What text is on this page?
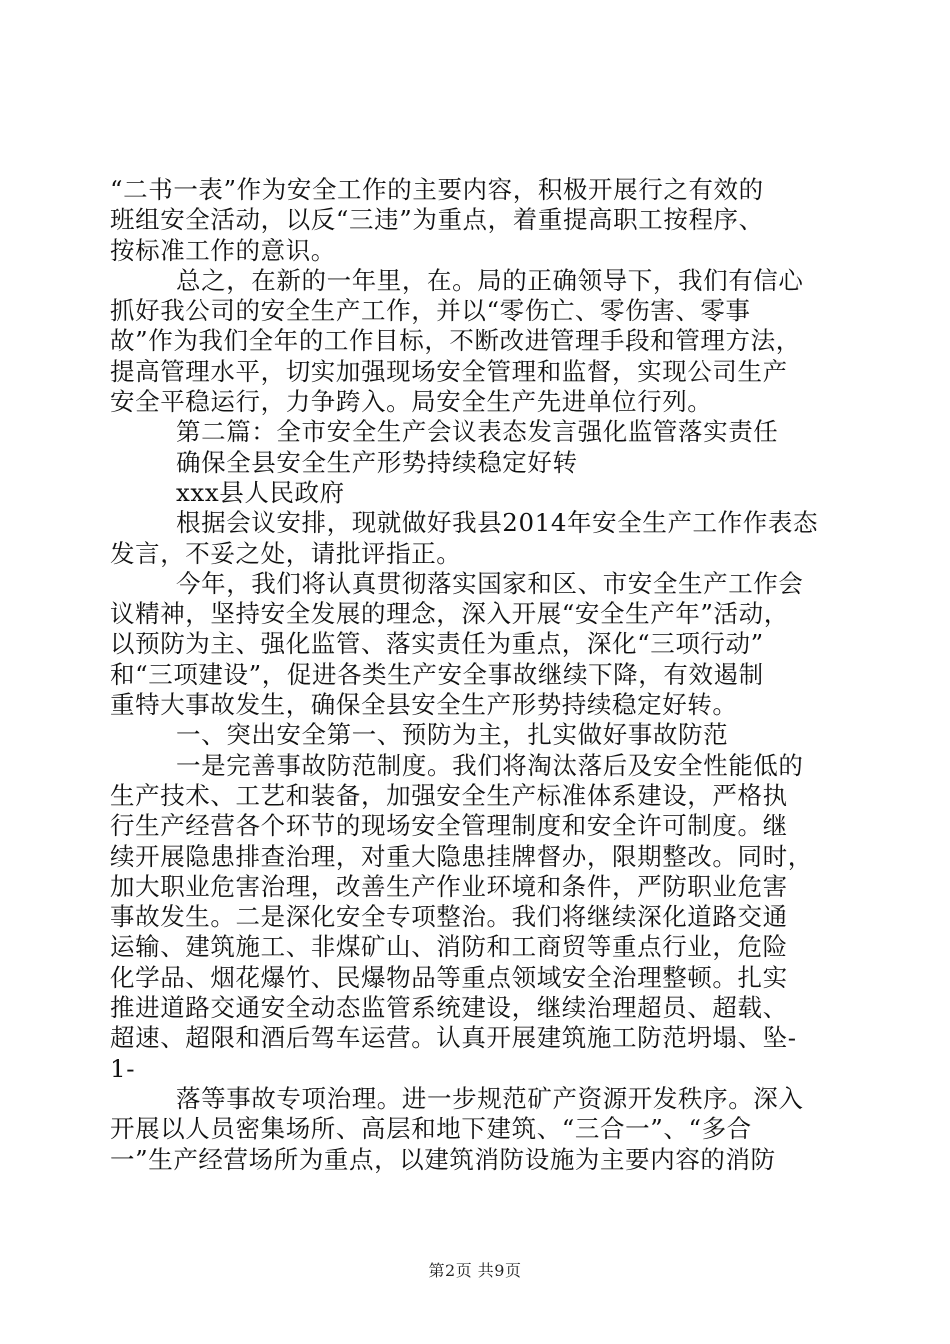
“二书一表”作为安全工作的主要内容，积极开展行之有效的
班组安全活动，以反“三违”为重点，着重提高职工按程序、
按标准工作的意识。
总之，在新的一年里，在。局的正确领导下，我们有信心
抓好我公司的安全生产工作，并以“零伤亡、零伤害、零事
故”作为我们全年的工作目标，不断改进管理手段和管理方法，
提高管理水平，切实加强现场安全管理和监督，实现公司生产
安全平稳运行，力争跨入。局安全生产先进单位行列。
第二篇：全市安全生产会议表态发言强化监管落实责任
确保全县安全生产形势持续稳定好转
xxx县人民政府
根据会议安排，现就做好我县2014年安全生产工作作表态
发言，不妥之处，请批评指正。
今年，我们将认真贯彻落实国家和区、市安全生产工作会
议精神，坚持安全发展的理念，深入开展“安全生产年”活动，
以预防为主、强化监管、落实责任为重点，深化“三项行动”
和“三项建设”，促进各类生产安全事故继续下降，有效遏制
重特大事故发生，确保全县安全生产形势持续稳定好转。
一、突出安全第一、预防为主，扎实做好事故防范
一是完善事故防范制度。我们将淘汰落后及安全性能低的
生产技术、工艺和装备，加强安全生产标准体系建设，严格执
行生产经营各个环节的现场安全管理制度和安全许可制度。继
续开展隐患排查治理，对重大隐患挂牌督办，限期整改。同时，
加大职业危害治理，改善生产作业环境和条件，严防职业危害
事故发生。二是深化安全专项整治。我们将继续深化道路交通
运输、建筑施工、非煤矿山、消防和工商贸等重点行业，危险
化学品、烟花爆竹、民爆物品等重点领域安全治理整顿。扎实
推进道路交通安全动态监管系统建设，继续治理超员、超载、
超速、超限和酒后驾车运营。认真开展建筑施工防范坍塌、坠-
1-
落等事故专项治理。进一步规范矿产资源开发秩序。深入
开展以人员密集场所、高层和地下建筑、“三合一”、“多合
一”生产经营场所为重点，以建筑消防设施为主要内容的消防
第2页 共9页
